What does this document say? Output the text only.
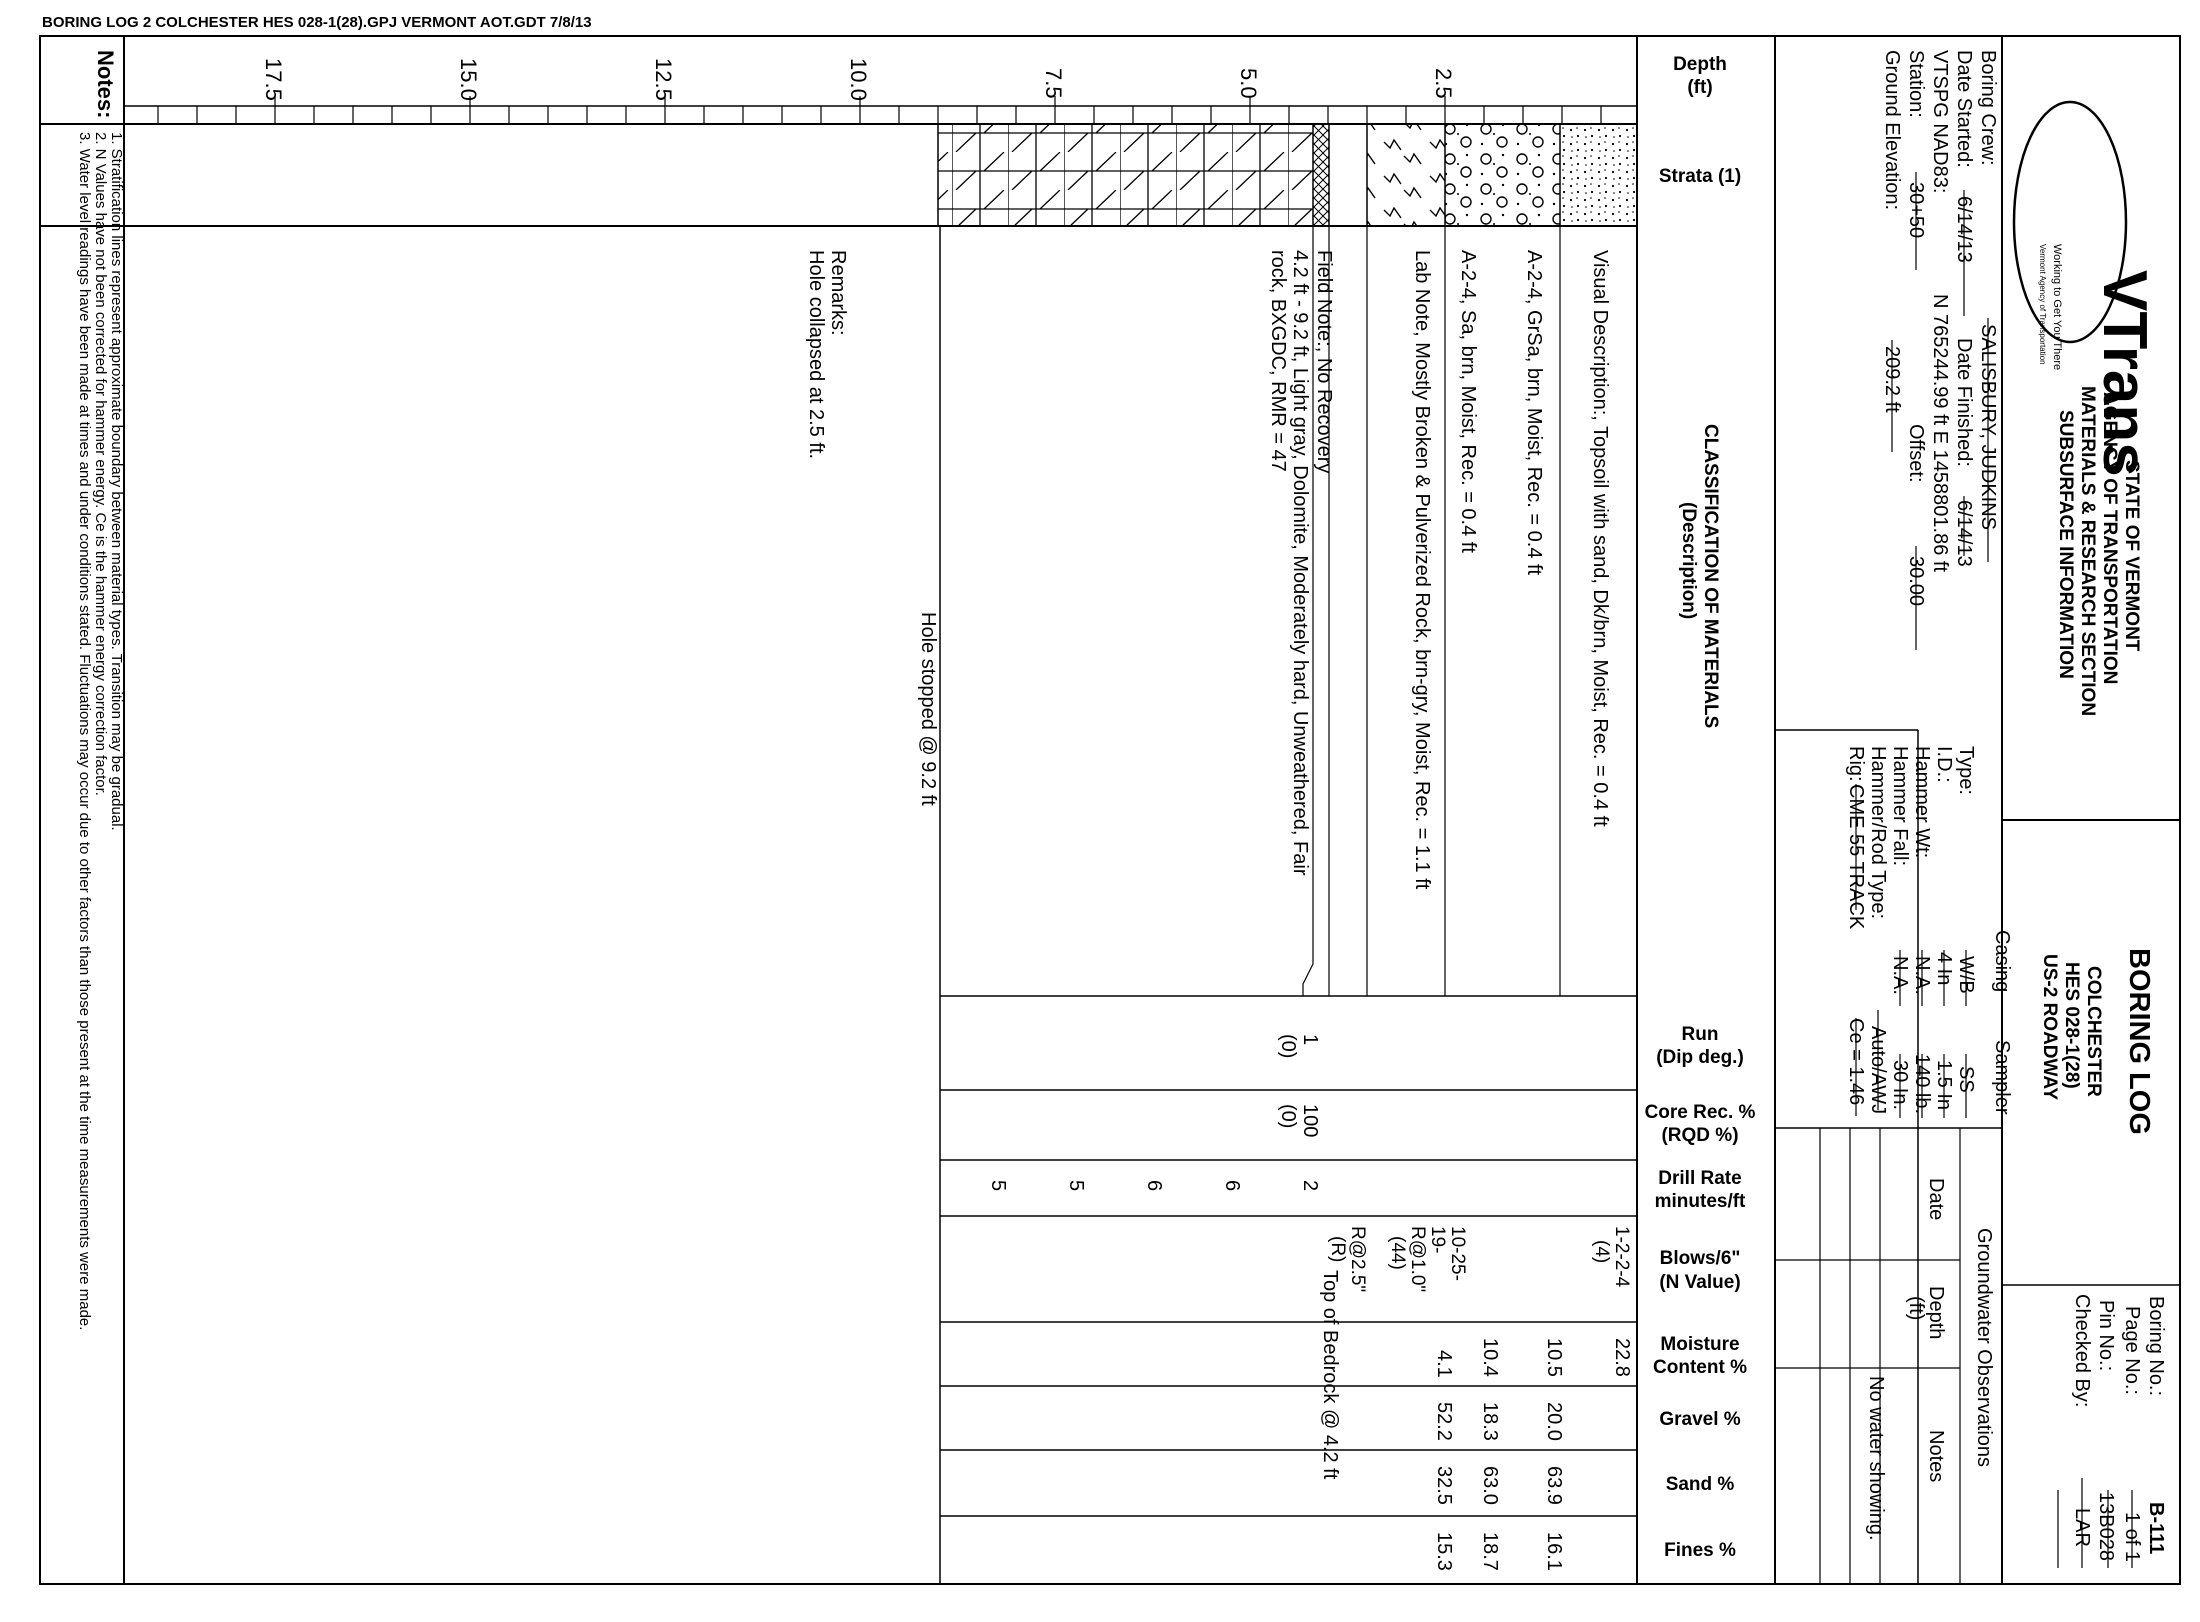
BORING LOG 2 COLCHESTER HES 028-1(28).GPJ VERMONT AOT.GDT 7/8/13
VTrans
Working to Get You There
Vermont Agency of Transportation
STATE OF VERMONT
AGENCY OF TRANSPORTATION
MATERIALS & RESEARCH SECTION
SUBSURFACE INFORMATION
BORING LOG
COLCHESTER
HES 028-1(28)
US-2 ROADWAY
Boring No.:
B-111
Page No.:
1 of 1
Pin No.:
13B028
Checked By:
LAR
Boring Crew:
SALISBURY, JUDKINS
Date Started:
6/14/13
Date Finished:
6/14/13
VTSPG NAD83:
N 765244.99 ft E 1458801.86 ft
Station:
30+50
Offset:
30.00
Ground Elevation:
209.2 ft
Casing
Sampler
Type:
W/B
SS
I.D.:
4 In
1.5 In
Hammer Wt:
N.A.
140 lb.
Hammer Fall:
N.A.
30 In.
Hammer/Rod Type:
Auto/AWJ
Rig:
CME 55 TRACK
Ce = 1.46
Groundwater Observations
Date
Depth
(ft)
Notes
No water showing.
Depth
(ft)
Strata (1)
CLASSIFICATION OF MATERIALS
(Description)
Run
(Dip deg.)
Core Rec. %
(RQD %)
Drill Rate
minutes/ft
Blows/6"
(N Value)
Moisture
Content %
Gravel %
Sand %
Fines %
2.5
5.0
7.5
10.0
12.5
15.0
17.5
Visual Description:, Topsoil with sand, Dk/brn, Moist, Rec. = 0.4 ft
A-2-4, GrSa, brn, Moist, Rec. = 0.4 ft
A-2-4, Sa, brn, Moist, Rec. = 0.4 ft
Lab Note, Mostly Broken & Pulverized Rock, brn-gry, Moist, Rec. = 1.1 ft
Field Note:, No Recovery
4.2 ft - 9.2 ft, Light gray, Dolomite, Moderately hard, Unweathered, Fair
rock, BXGDC, RMR = 47
Top of Bedrock @ 4.2 ft
Hole stopped @ 9.2 ft
Remarks:
Hole collapsed at 2.5 ft.
1
(0)
100
(0)
2
6
6
5
5
1-2-2-4
(4)
10-25-
19-
R@1.0"
(44)
R@2.5"
(R)
22.8
10.5
20.0
63.9
16.1
10.4
18.3
63.0
18.7
4.1
52.2
32.5
15.3
Notes:
1. Stratification lines represent approximate boundary between material types. Transition may be gradual.
2. N Values have not been corrected for hammer energy. Ce is the hammer energy correction factor.
3. Water level readings have been made at times and under conditions stated. Fluctuations may occur due to other factors than those present at the time measurements were made.
